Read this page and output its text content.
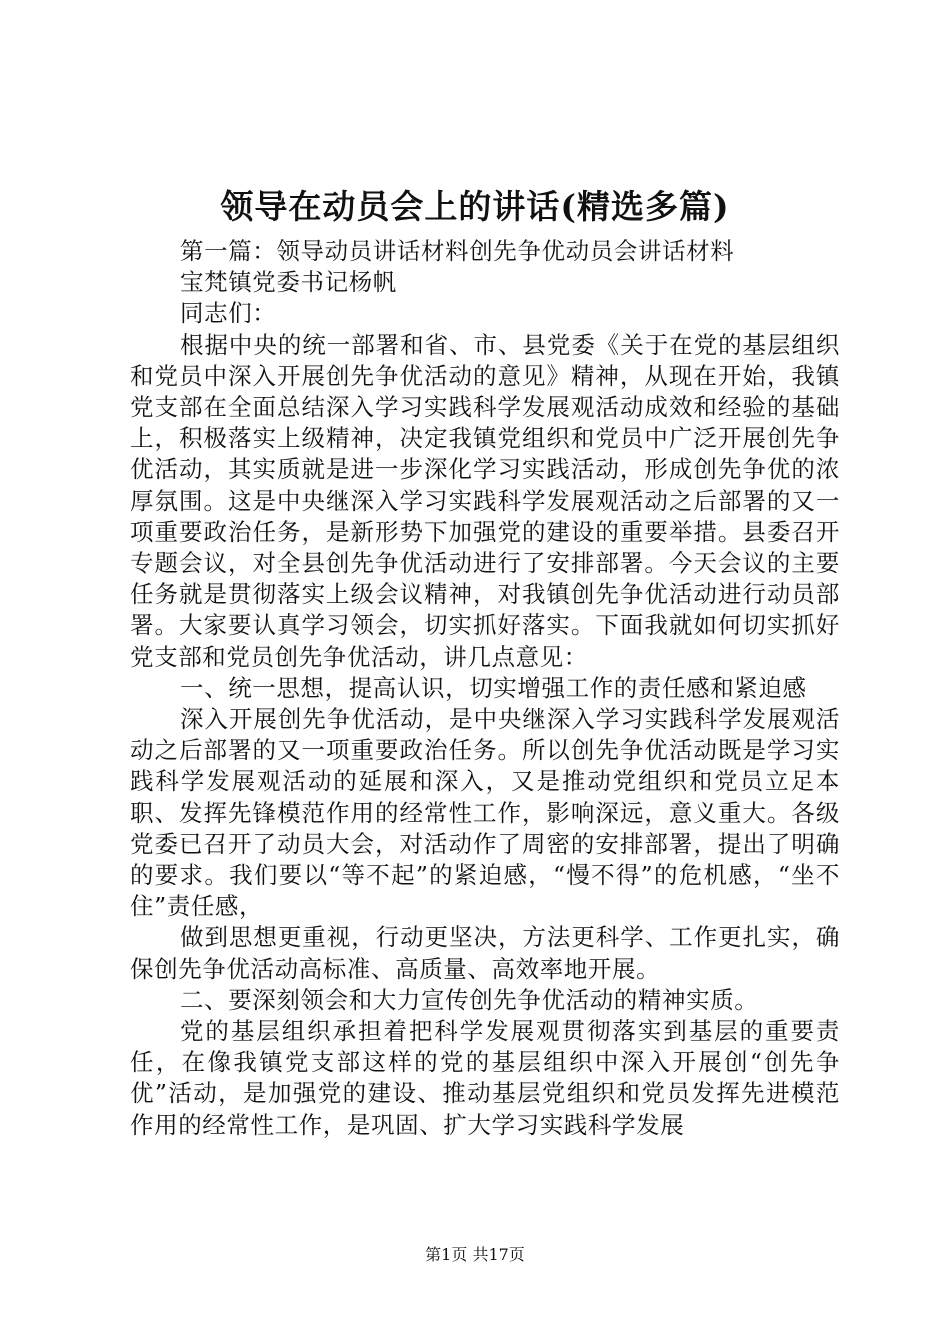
领导在动员会上的讲话(精选多篇)

第一篇：领导动员讲话材料创先争优动员会讲话材料

宝梵镇党委书记杨帆

同志们：

根据中央的统一部署和省、市、县党委《关于在党的基层组织和党员中深入开展创先争优活动的意见》精神，从现在开始，我镇党支部在全面总结深入学习实践科学发展观活动成效和经验的基础上，积极落实上级精神，决定我镇党组织和党员中广泛开展创先争优活动，其实质就是进一步深化学习实践活动，形成创先争优的浓厚氛围。这是中央继深入学习实践科学发展观活动之后部署的又一项重要政治任务，是新形势下加强党的建设的重要举措。县委召开专题会议，对全县创先争优活动进行了安排部署。今天会议的主要任务就是贯彻落实上级会议精神，对我镇创先争优活动进行动员部署。大家要认真学习领会，切实抓好落实。下面我就如何切实抓好党支部和党员创先争优活动，讲几点意见：

一、统一思想，提高认识，切实增强工作的责任感和紧迫感

深入开展创先争优活动，是中央继深入学习实践科学发展观活动之后部署的又一项重要政治任务。所以创先争优活动既是学习实践科学发展观活动的延展和深入，又是推动党组织和党员立足本职、发挥先锋模范作用的经常性工作，影响深远，意义重大。各级党委已召开了动员大会，对活动作了周密的安排部署，提出了明确的要求。我们要以“等不起”的紧迫感，“慢不得”的危机感，“坐不住”责任感，

做到思想更重视，行动更坚决，方法更科学、工作更扎实，确保创先争优活动高标准、高质量、高效率地开展。

二、要深刻领会和大力宣传创先争优活动的精神实质。

党的基层组织承担着把科学发展观贯彻落实到基层的重要责任，在像我镇党支部这样的党的基层组织中深入开展创“创先争优”活动，是加强党的建设、推动基层党组织和党员发挥先进模范作用的经常性工作，是巩固、扩大学习实践科学发展

第1页 共17页
